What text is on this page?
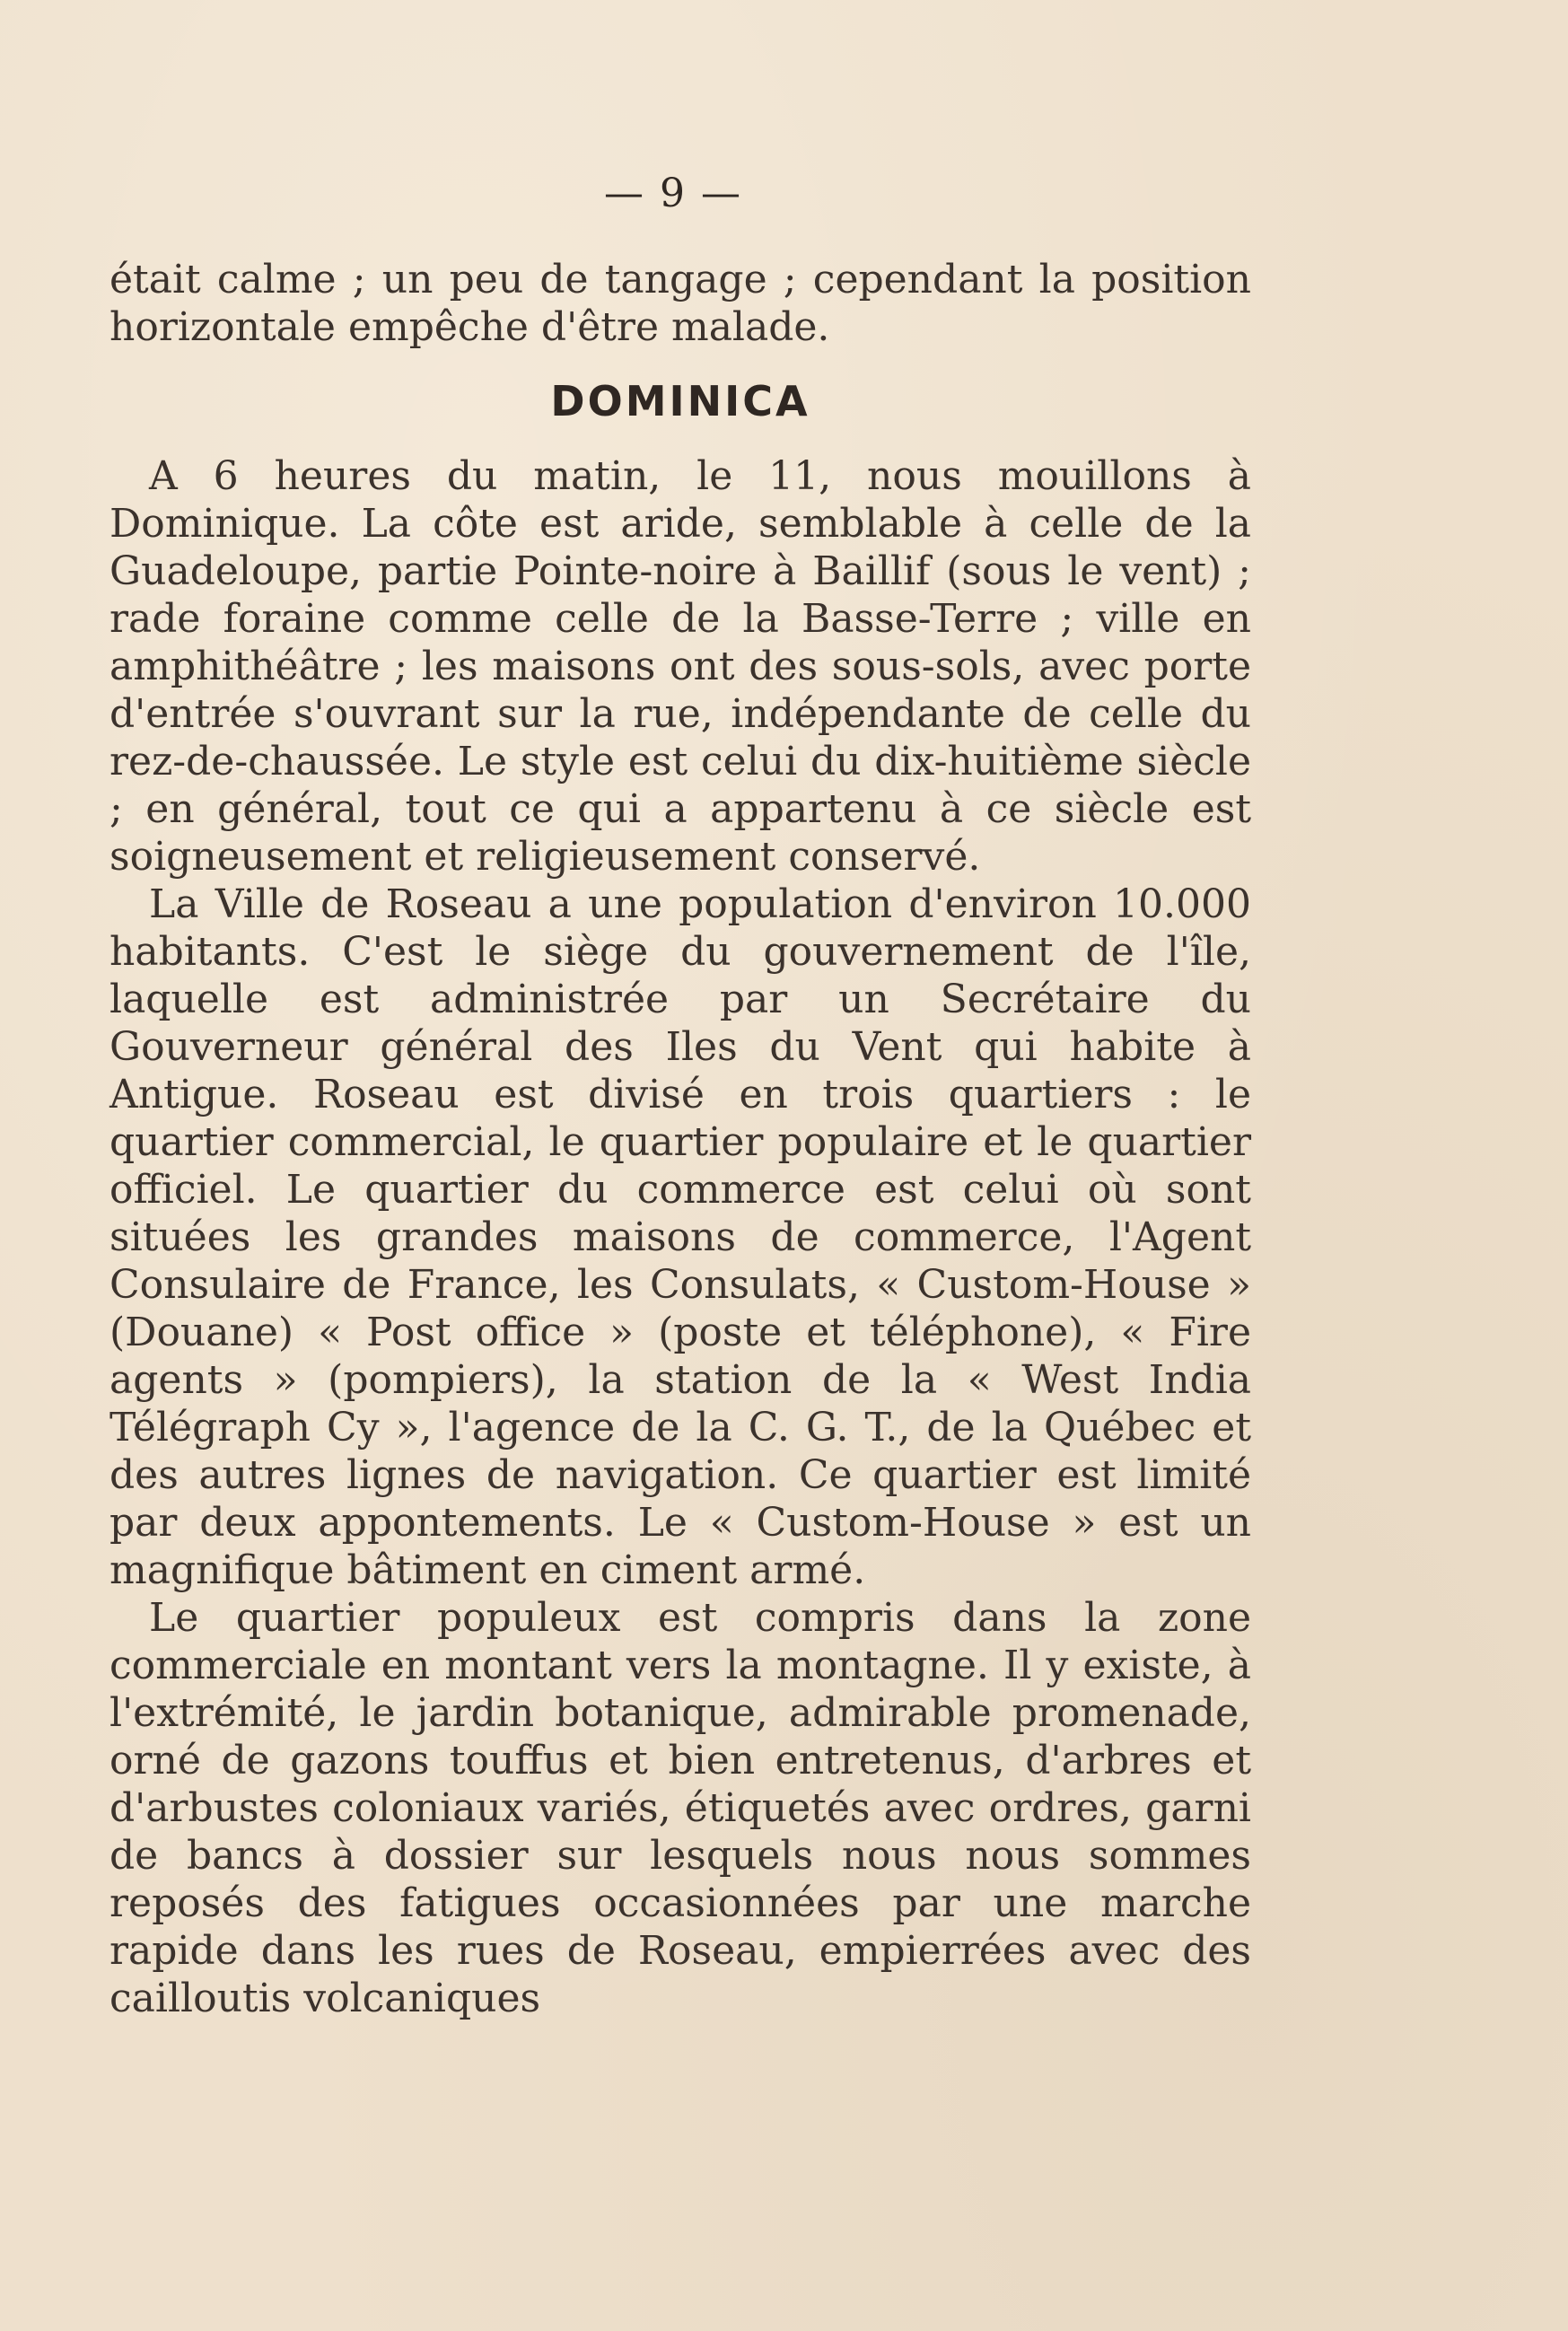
— 9 —

était calme ; un peu de tangage ; cependant la position horizontale empêche d'être malade.

DOMINICA

A 6 heures du matin, le 11, nous mouillons à Dominique. La côte est aride, semblable à celle de la Guadeloupe, partie Pointe-noire à Baillif (sous le vent) ; rade foraine comme celle de la Basse-Terre ; ville en amphithéâtre ; les maisons ont des sous-sols, avec porte d'entrée s'ouvrant sur la rue, indépendante de celle du rez-de-chaussée. Le style est celui du dix-huitième siècle ; en général, tout ce qui a appartenu à ce siècle est soigneusement et religieusement conservé.

La Ville de Roseau a une population d'environ 10.000 habitants. C'est le siège du gouvernement de l'île, laquelle est administrée par un Secrétaire du Gouverneur général des Iles du Vent qui habite à Antigue. Roseau est divisé en trois quartiers : le quartier commercial, le quartier populaire et le quartier officiel. Le quartier du commerce est celui où sont situées les grandes maisons de commerce, l'Agent Consulaire de France, les Consulats, « Custom-House » (Douane) « Post office » (poste et téléphone), « Fire agents » (pompiers), la station de la « West India Télégraph Cy », l'agence de la C. G. T., de la Québec et des autres lignes de navigation. Ce quartier est limité par deux appontements. Le « Custom-House » est un magnifique bâtiment en ciment armé.

Le quartier populeux est compris dans la zone commerciale en montant vers la montagne. Il y existe, à l'extrémité, le jardin botanique, admirable promenade, orné de gazons touffus et bien entretenus, d'arbres et d'arbustes coloniaux variés, étiquetés avec ordres, garni de bancs à dossier sur lesquels nous nous sommes reposés des fatigues occasionnées par une marche rapide dans les rues de Roseau, empierrées avec des cailloutis volcaniques
